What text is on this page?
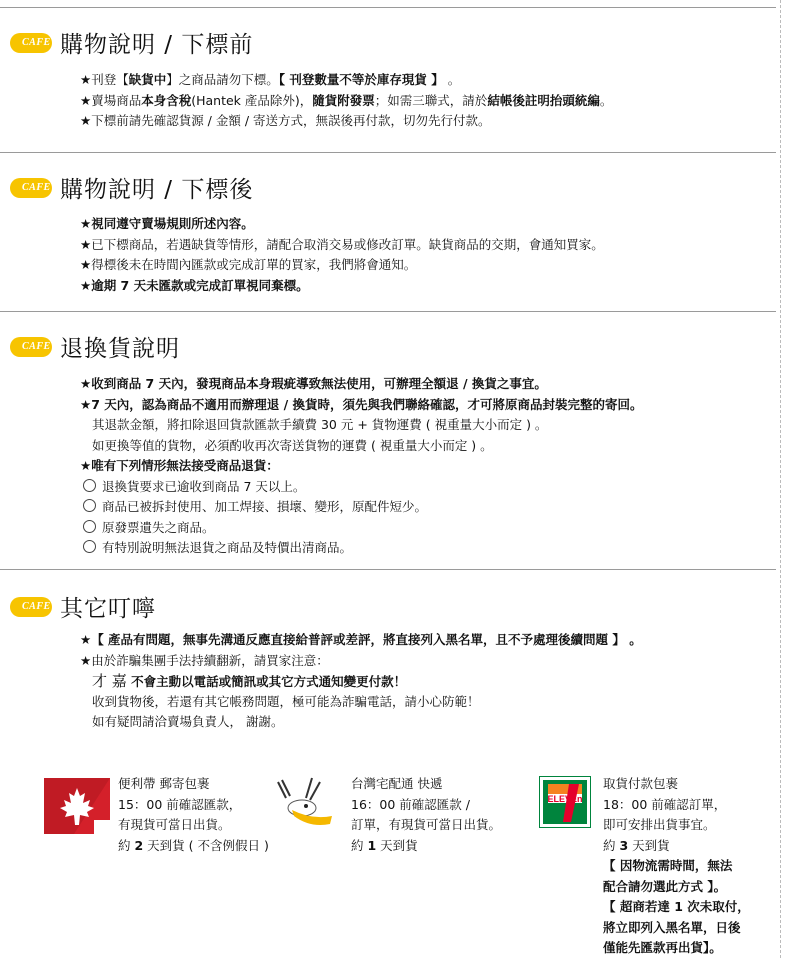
CAFE 購物說明 / 下標前
★刊登【缺貨中】之商品請勿下標。【 刊登數量不等於庫存現貨 】 。
★賣場商品本身含稅(Hantek 產品除外)，隨貨附發票；如需三聯式，請於結帳後註明抬頭統編。
★下標前請先確認貨源 / 金額 / 寄送方式，無誤後再付款，切勿先行付款。
CAFE 購物說明 / 下標後
★視同遵守賣場規則所述內容。
★已下標商品，若遇缺貨等情形，請配合取消交易或修改訂單。缺貨商品的交期，會通知買家。
★得標後未在時間內匯款或完成訂單的買家，我們將會通知。
★逾期 7 天未匯款或完成訂單視同棄標。
CAFE 退換貨說明
★收到商品 7 天內，發現商品本身瑕疵導致無法使用，可辦理全額退 / 換貨之事宜。
★7 天內，認為商品不適用而辦理退 / 換貨時，須先與我們聯絡確認，才可將原商品封裝完整的寄回。
其退款金額，將扣除退回貨款匯款手續費 30 元 + 貨物運費 ( 視重量大小而定 ) 。
如更換等值的貨物，必須酌收再次寄送貨物的運費 ( 視重量大小而定 ) 。
★唯有下列情形無法接受商品退貨：
退換貨要求已逾收到商品 7 天以上。
商品已被拆封使用、加工焊接、損壞、變形，原配件短少。
原發票遺失之商品。
有特別說明無法退貨之商品及特價出清商品。
CAFE 其它叮嚀
★【 產品有問題，無事先溝通反應直接給普評或差評，將直接列入黑名單，且不予處理後續問題 】 。
★由於詐騙集團手法持續翻新，請買家注意：
才 嘉 不會主動以電話或簡訊或其它方式通知變更付款！
收到貨物後，若還有其它帳務問題，極可能為詐騙電話，請小心防範！
如有疑問請洽賣場負責人， 謝謝。
便利帶 郵寄包裹
15：00 前確認匯款，
有現貨可當日出貨。
約 2 天到貨 ( 不含例假日 )
台灣宅配通 快遞
16：00 前確認匯款 /
訂單，有現貨可當日出貨。
約 1 天到貨
ELEVEn
取貨付款包裹
18：00 前確認訂單，
即可安排出貨事宜。
約 3 天到貨
【 因物流需時間，無法
配合請勿選此方式 】。
【 超商若達 1 次未取付，
將立即列入黑名單，日後
僅能先匯款再出貨】。
